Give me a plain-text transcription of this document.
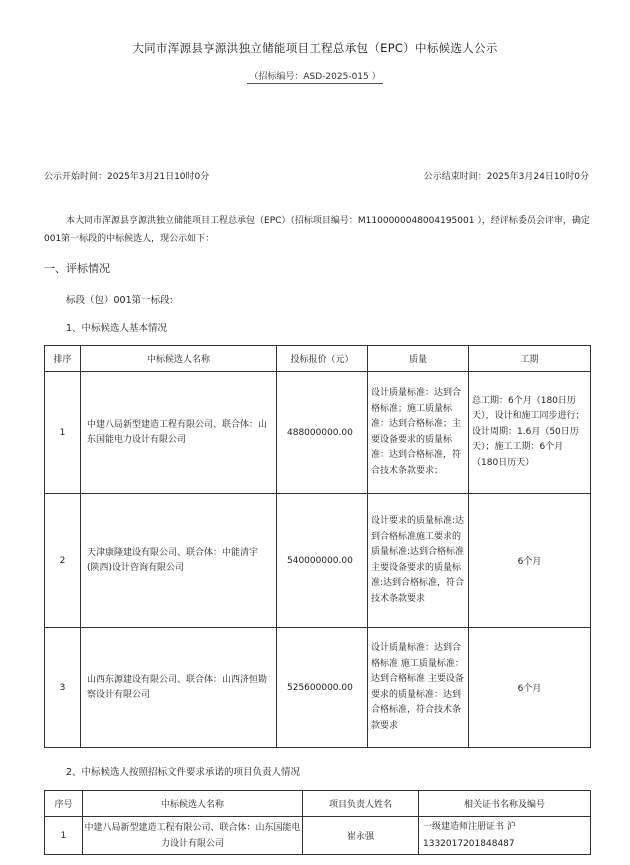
大同市浑源县亨源洪独立储能项目工程总承包（EPC）中标候选人公示
（招标编号：ASD-2025-015 ）
公示开始时间：2025年3月21日10时0分	公示结束时间：2025年3月24日10时0分
本大同市浑源县亨源洪独立储能项目工程总承包（EPC）（招标项目编号：M1100000048004195001 ），经评标委员会评审，确定001第一标段的中标候选人，现公示如下：
一、评标情况
标段（包）001第一标段:
1、中标候选人基本情况
排序	中标候选人名称	投标报价（元）	质量	工期
1	中建八局新型建造工程有限公司、联合体：山东国能电力设计有限公司	488000000.00	设计质量标准：达到合格标准；施工质量标准：达到合格标准；主要设备要求的质量标准：达到合格标准，符合技术条款要求；	总工期：6个月（180日历天），设计和施工同步进行；设计周期：1.6月（50日历天）；施工工期：6个月（180日历天）
2	天津康隆建设有限公司、联合体：中能清宇(陕西)设计咨询有限公司	540000000.00	设计要求的质量标准:达到合格标准施工要求的质量标准:达到合格标准主要设备要求的质量标准:达到合格标准，符合技术条款要求	6个月
3	山西东源建设有限公司、联合体：山西济恒勘察设计有限公司	525600000.00	设计质量标准：达到合格标准 施工质量标准：达到合格标准 主要设备要求的质量标准：达到合格标准，符合技术条款要求	6个月
2、中标候选人按照招标文件要求承诺的项目负责人情况
序号	中标候选人名称	项目负责人姓名	相关证书名称及编号
1	中建八局新型建造工程有限公司、联合体：山东国能电力设计有限公司	崔永强	一级建造师注册证书 沪1332017201848487
